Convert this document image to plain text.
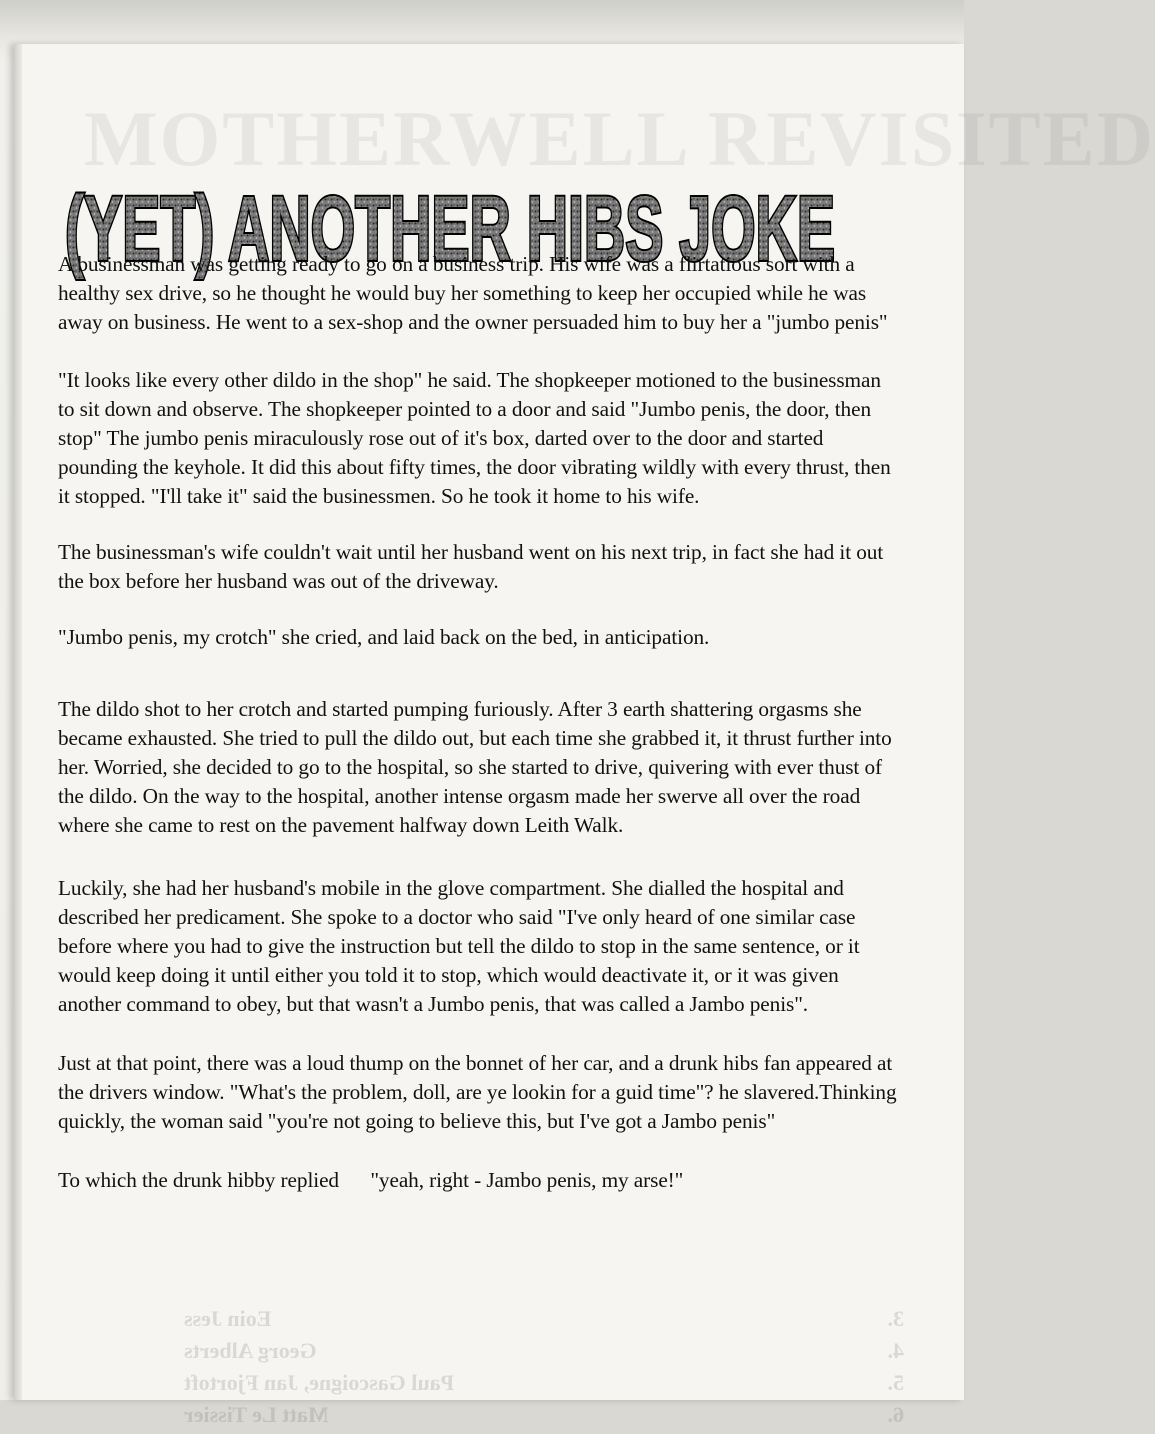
MOTHERWELL REVISITED
3.
Eoin Jess
4.
Georg Alberts
5.
Paul Gascoigne, Jan Fjortoft
6.
Matt Le Tissier
(YET) ANOTHER HIBS JOKE

A businessman was getting ready to go on a business trip. His wife was a flirtatious sort with a healthy sex drive, so he thought he would buy her something to keep her occupied while he was away on business. He went to a sex-shop and the owner persuaded him to buy her a "jumbo penis"

"It looks like every other dildo in the shop" he said. The shopkeeper motioned to the businessman to sit down and observe. The shopkeeper pointed to a door and said "Jumbo penis, the door, then stop" The jumbo penis miraculously rose out of it's box, darted over to the door and started pounding the keyhole. It did this about fifty times, the door vibrating wildly with every thrust, then it stopped. "I'll take it" said the businessmen. So he took it home to his wife.

The businessman's wife couldn't wait until her husband went on his next trip, in fact she had it out the box before her husband was out of the driveway.

"Jumbo penis, my crotch" she cried, and laid back on the bed, in anticipation.

The dildo shot to her crotch and started pumping furiously. After 3 earth shattering orgasms she became exhausted. She tried to pull the dildo out, but each time she grabbed it, it thrust further into her. Worried, she decided to go to the hospital, so she started to drive, quivering with ever thust of the dildo. On the way to the hospital, another intense orgasm made her swerve all over the road where she came to rest on the pavement halfway down Leith Walk.

Luckily, she had her husband's mobile in the glove compartment. She dialled the hospital and described her predicament. She spoke to a doctor who said "I've only heard of one similar case before where you had to give the instruction but tell the dildo to stop in the same sentence, or it would keep doing it until either you told it to stop, which would deactivate it, or it was given another command to obey, but that wasn't a Jumbo penis, that was called a Jambo penis".

Just at that point, there was a loud thump on the bonnet of her car, and a drunk hibs fan appeared at the drivers window. "What's the problem, doll, are ye lookin for a guid time"? he slavered.Thinking quickly, the woman said "you're not going to believe this, but I've got a Jambo penis"

To which the drunk hibby replied      "yeah, right - Jambo penis, my arse!"
